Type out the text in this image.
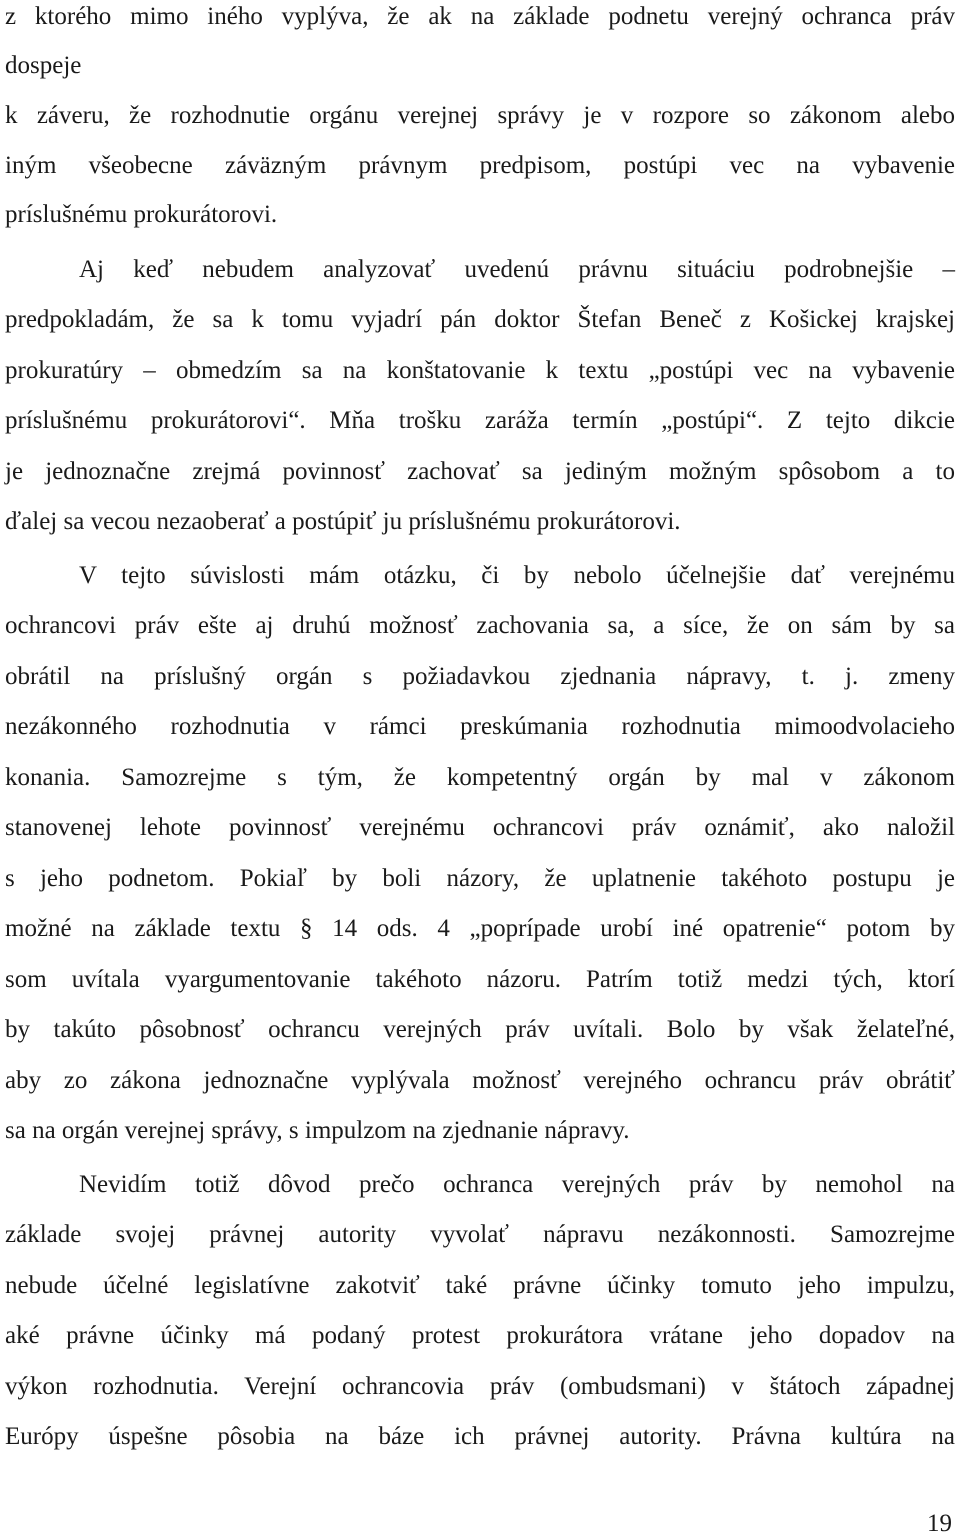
z ktorého mimo iného vyplýva, že ak na základe podnetu verejný ochranca práv
dospeje
k záveru, že rozhodnutie orgánu verejnej správy je v rozpore so zákonom alebo
iným všeobecne záväzným právnym predpisom, postúpi vec na vybavenie
príslušnému prokurátorovi.
Aj keď nebudem analyzovať uvedenú právnu situáciu podrobnejšie –
predpokladám, že sa k tomu vyjadrí pán doktor Štefan Beneč z Košickej krajskej
prokuratúry – obmedzím sa na konštatovanie k textu „postúpi vec na vybavenie
príslušnému prokurátorovi“. Mňa trošku zaráža termín „postúpi“. Z tejto dikcie
je jednoznačne zrejmá povinnosť zachovať sa jediným možným spôsobom a to
ďalej sa vecou nezaoberať a postúpiť ju príslušnému prokurátorovi.
V tejto súvislosti mám otázku, či by nebolo účelnejšie dať verejnému
ochrancovi práv ešte aj druhú možnosť zachovania sa, a síce, že on sám by sa
obrátil na príslušný orgán s požiadavkou zjednania nápravy, t. j. zmeny
nezákonného rozhodnutia v rámci preskúmania rozhodnutia mimoodvolacieho
konania. Samozrejme s tým, že kompetentný orgán by mal v zákonom
stanovenej lehote povinnosť verejnému ochrancovi práv oznámiť, ako naložil
s jeho podnetom. Pokiaľ by boli názory, že uplatnenie takéhoto postupu je
možné na základe textu § 14 ods. 4 „poprípade urobí iné opatrenie“ potom by
som uvítala vyargumentovanie takéhoto názoru. Patrím totiž medzi tých, ktorí
by takúto pôsobnosť ochrancu verejných práv uvítali. Bolo by však želateľné,
aby zo zákona jednoznačne vyplývala možnosť verejného ochrancu práv obrátiť
sa na orgán verejnej správy, s impulzom na zjednanie nápravy.
Nevidím totiž dôvod prečo ochranca verejných práv by nemohol na
základe svojej právnej autority vyvolať nápravu nezákonnosti. Samozrejme
nebude účelné legislatívne zakotviť také právne účinky tomuto jeho impulzu,
aké právne účinky má podaný protest prokurátora vrátane jeho dopadov na
výkon rozhodnutia. Verejní ochrancovia práv (ombudsmani) v štátoch západnej
Európy úspešne pôsobia na báze ich právnej autority. Právna kultúra na
19
